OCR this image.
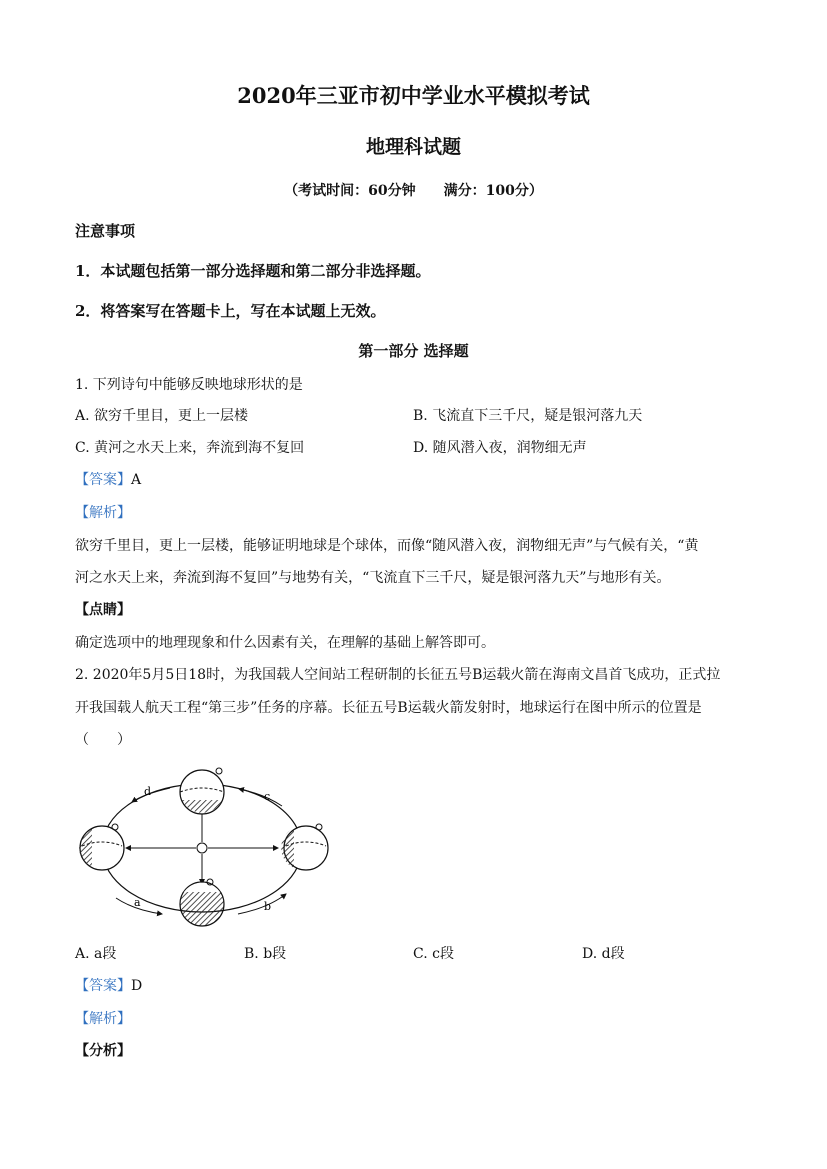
2020年三亚市初中学业水平模拟考试
地理科试题
（考试时间：60分钟　　满分：100分）
注意事项
1．本试题包括第一部分选择题和第二部分非选择题。
2．将答案写在答题卡上，写在本试题上无效。
第一部分 选择题
1. 下列诗句中能够反映地球形状的是
A. 欲穷千里目，更上一层楼	B. 飞流直下三千尺，疑是银河落九天
C. 黄河之水天上来，奔流到海不复回	D. 随风潜入夜，润物细无声
【答案】A
【解析】
欲穷千里目，更上一层楼，能够证明地球是个球体，而像“随风潜入夜，润物细无声”与气候有关，“黄
河之水天上来，奔流到海不复回”与地势有关，“飞流直下三千尺，疑是银河落九天”与地形有关。
【点睛】
确定选项中的地理现象和什么因素有关，在理解的基础上解答即可。
2. 2020年5月5日18时，为我国载人空间站工程研制的长征五号B运载火箭在海南文昌首飞成功，正式拉
开我国载人航天工程“第三步”任务的序幕。长征五号B运载火箭发射时，地球运行在图中所示的位置是
（　　）
d	c
a	b
A. a段	B. b段	C. c段	D. d段
【答案】D
【解析】
【分析】
